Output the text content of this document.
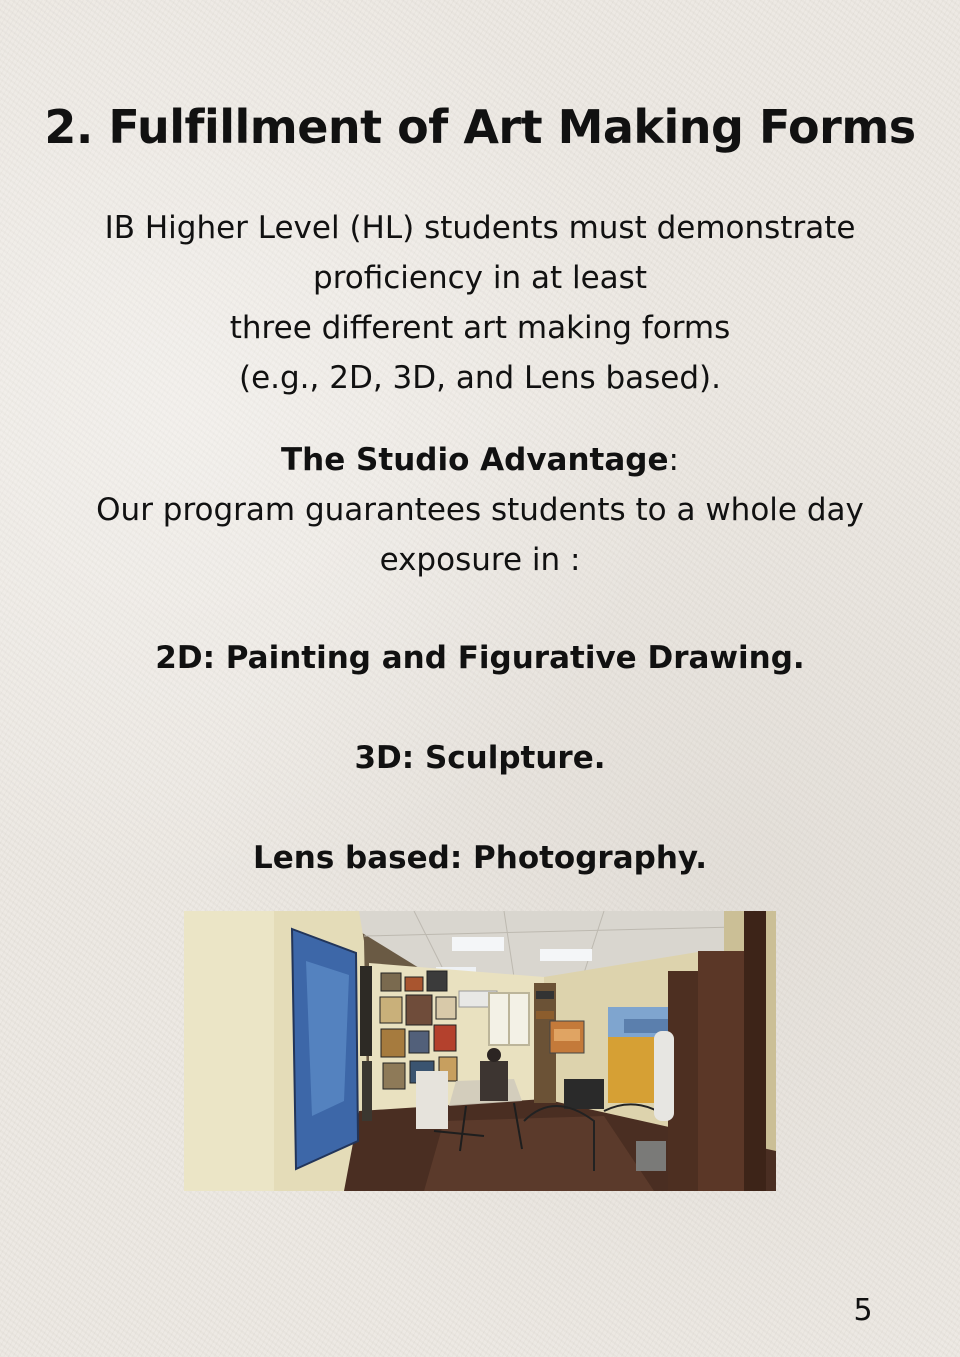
2. Fulfillment of Art Making Forms
IB Higher Level (HL) students must demonstrate
proficiency in at least
three different art making forms
(e.g., 2D, 3D, and Lens based).
The Studio Advantage:
Our program guarantees students to a whole day
exposure in :
2D: Painting and Figurative Drawing.
3D: Sculpture.
Lens based: Photography.
5
